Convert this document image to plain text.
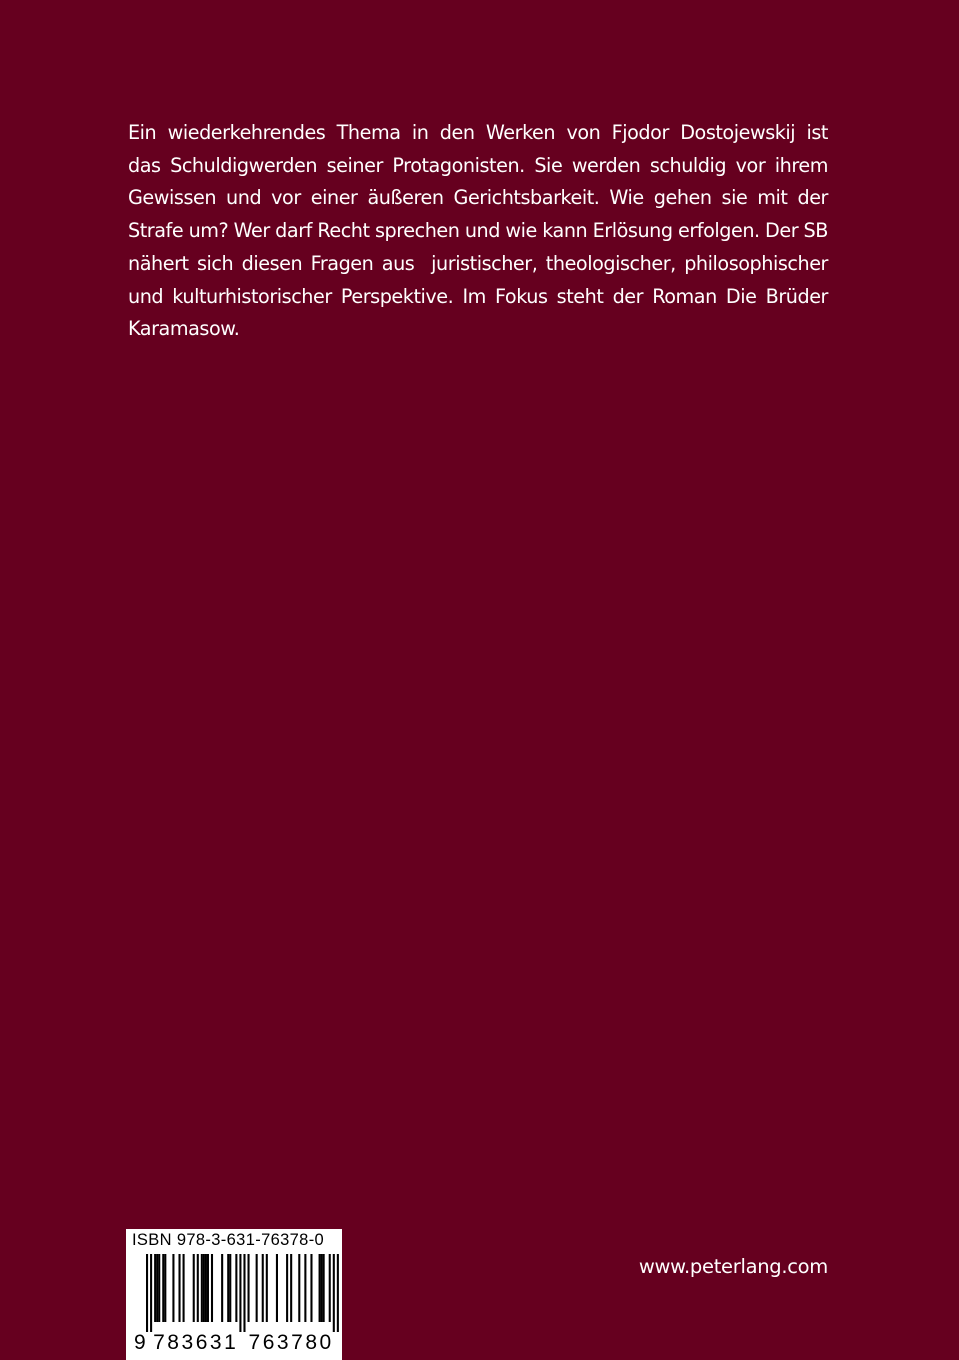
Ein wiederkehrendes Thema in den Werken von Fjodor Dostojewskij ist
das Schuldigwerden seiner Protagonisten. Sie werden schuldig vor ihrem
Gewissen und vor einer äußeren Gerichtsbarkeit. Wie gehen sie mit der
Strafe um? Wer darf Recht sprechen und wie kann Erlösung erfolgen. Der SB
nähert sich diesen Fragen aus  juristischer, theologischer, philosophischer
und kulturhistorischer Perspektive. Im Fokus steht der Roman Die Brüder
Karamasow.
ISBN 978-3-631-76378-0
9 7 8 3 6 3 1 7 6 3 7 8 0
www.peterlang.com
